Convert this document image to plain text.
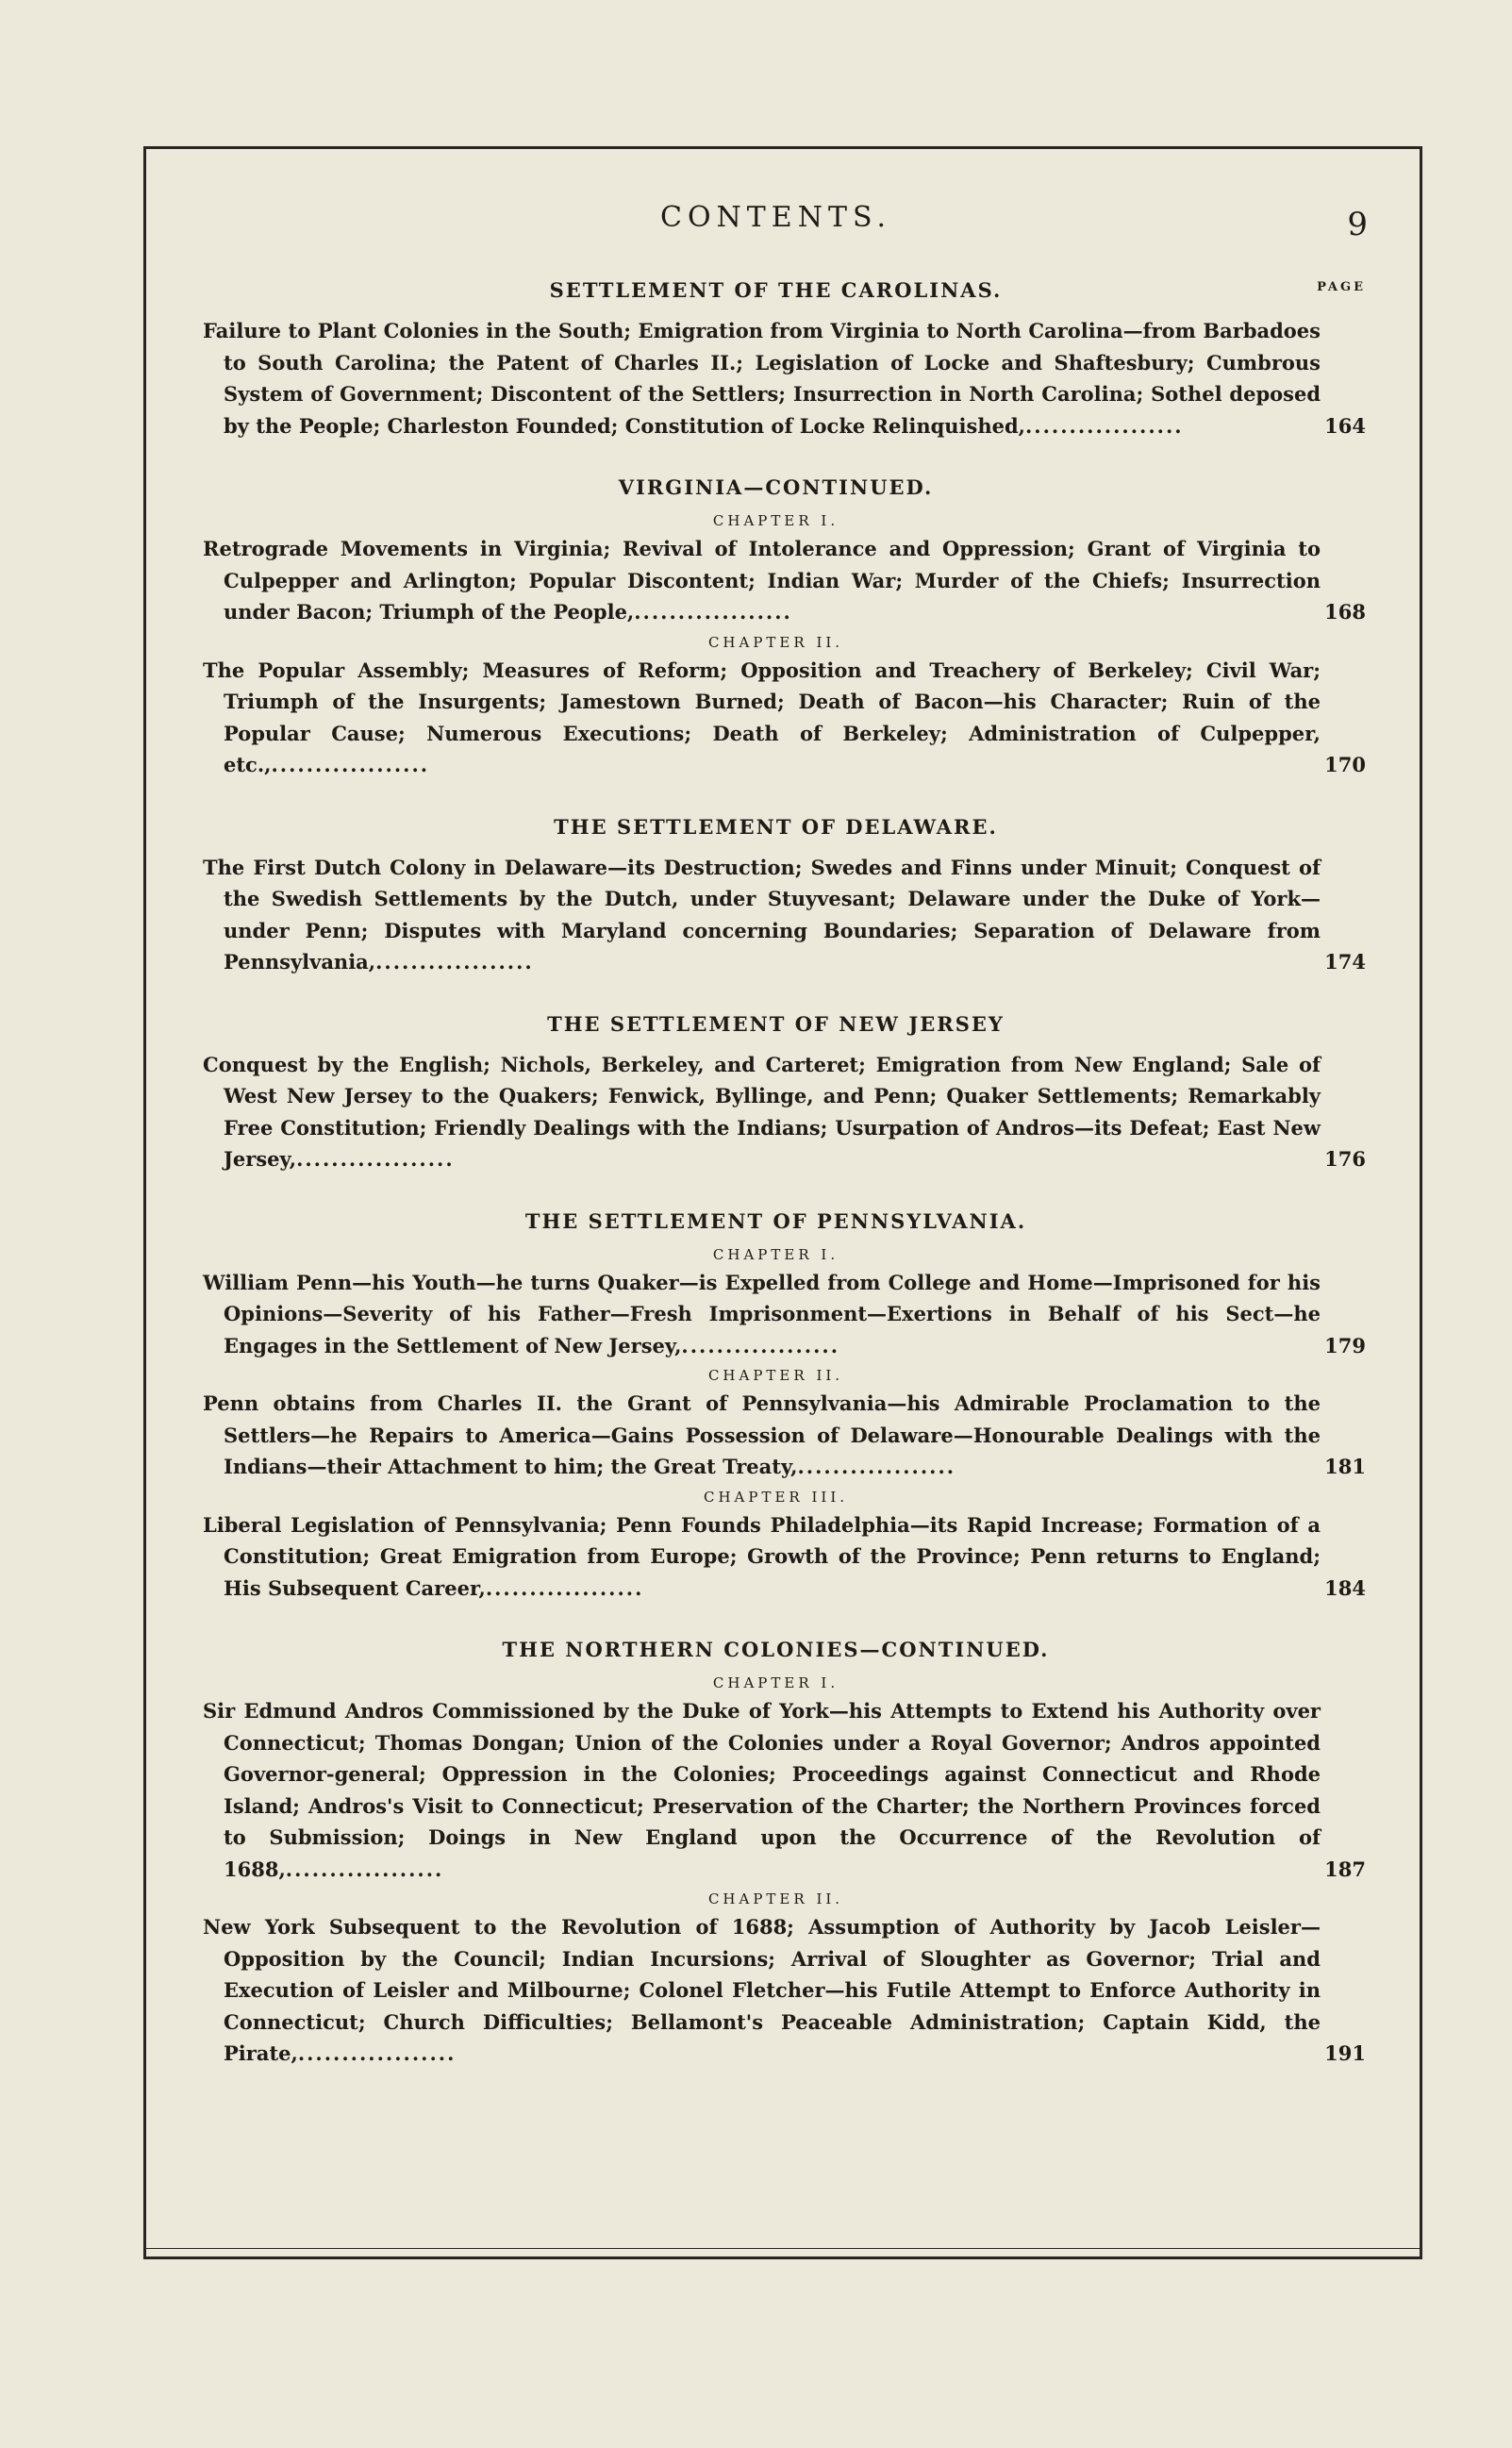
CONTENTS.	9
SETTLEMENT OF THE CAROLINAS.	PAGE
Failure to Plant Colonies in the South; Emigration from Virginia to North Carolina—from Barbadoes to South Carolina; the Patent of Charles II.; Legislation of Locke and Shaftesbury; Cumbrous System of Government; Discontent of the Settlers; Insurrection in North Carolina; Sothel deposed by the People; Charleston Founded; Constitution of Locke Relinquished,..................	164
VIRGINIA—CONTINUED.
CHAPTER I.
Retrograde Movements in Virginia; Revival of Intolerance and Oppression; Grant of Virginia to Culpepper and Arlington; Popular Discontent; Indian War; Murder of the Chiefs; Insurrection under Bacon; Triumph of the People,..................	168
CHAPTER II.
The Popular Assembly; Measures of Reform; Opposition and Treachery of Berkeley; Civil War; Triumph of the Insurgents; Jamestown Burned; Death of Bacon—his Character; Ruin of the Popular Cause; Numerous Executions; Death of Berkeley; Administration of Culpepper, etc.,..................	170
THE SETTLEMENT OF DELAWARE.
The First Dutch Colony in Delaware—its Destruction; Swedes and Finns under Minuit; Conquest of the Swedish Settlements by the Dutch, under Stuyvesant; Delaware under the Duke of York—under Penn; Disputes with Maryland concerning Boundaries; Separation of Delaware from Pennsylvania,..................	174
THE SETTLEMENT OF NEW JERSEY
Conquest by the English; Nichols, Berkeley, and Carteret; Emigration from New England; Sale of West New Jersey to the Quakers; Fenwick, Byllinge, and Penn; Quaker Settlements; Remarkably Free Constitution; Friendly Dealings with the Indians; Usurpation of Andros—its Defeat; East New Jersey,..................	176
THE SETTLEMENT OF PENNSYLVANIA.
CHAPTER I.
William Penn—his Youth—he turns Quaker—is Expelled from College and Home—Imprisoned for his Opinions—Severity of his Father—Fresh Imprisonment—Exertions in Behalf of his Sect—he Engages in the Settlement of New Jersey,..................	179
CHAPTER II.
Penn obtains from Charles II. the Grant of Pennsylvania—his Admirable Proclamation to the Settlers—he Repairs to America—Gains Possession of Delaware—Honourable Dealings with the Indians—their Attachment to him; the Great Treaty,..................	181
CHAPTER III.
Liberal Legislation of Pennsylvania; Penn Founds Philadelphia—its Rapid Increase; Formation of a Constitution; Great Emigration from Europe; Growth of the Province; Penn returns to England; His Subsequent Career,..................	184
THE NORTHERN COLONIES—CONTINUED.
CHAPTER I.
Sir Edmund Andros Commissioned by the Duke of York—his Attempts to Extend his Authority over Connecticut; Thomas Dongan; Union of the Colonies under a Royal Governor; Andros appointed Governor-general; Oppression in the Colonies; Proceedings against Connecticut and Rhode Island; Andros's Visit to Connecticut; Preservation of the Charter; the Northern Provinces forced to Submission; Doings in New England upon the Occurrence of the Revolution of 1688,..................	187
CHAPTER II.
New York Subsequent to the Revolution of 1688; Assumption of Authority by Jacob Leisler—Opposition by the Council; Indian Incursions; Arrival of Sloughter as Governor; Trial and Execution of Leisler and Milbourne; Colonel Fletcher—his Futile Attempt to Enforce Authority in Connecticut; Church Difficulties; Bellamont's Peaceable Administration; Captain Kidd, the Pirate,..................	191
